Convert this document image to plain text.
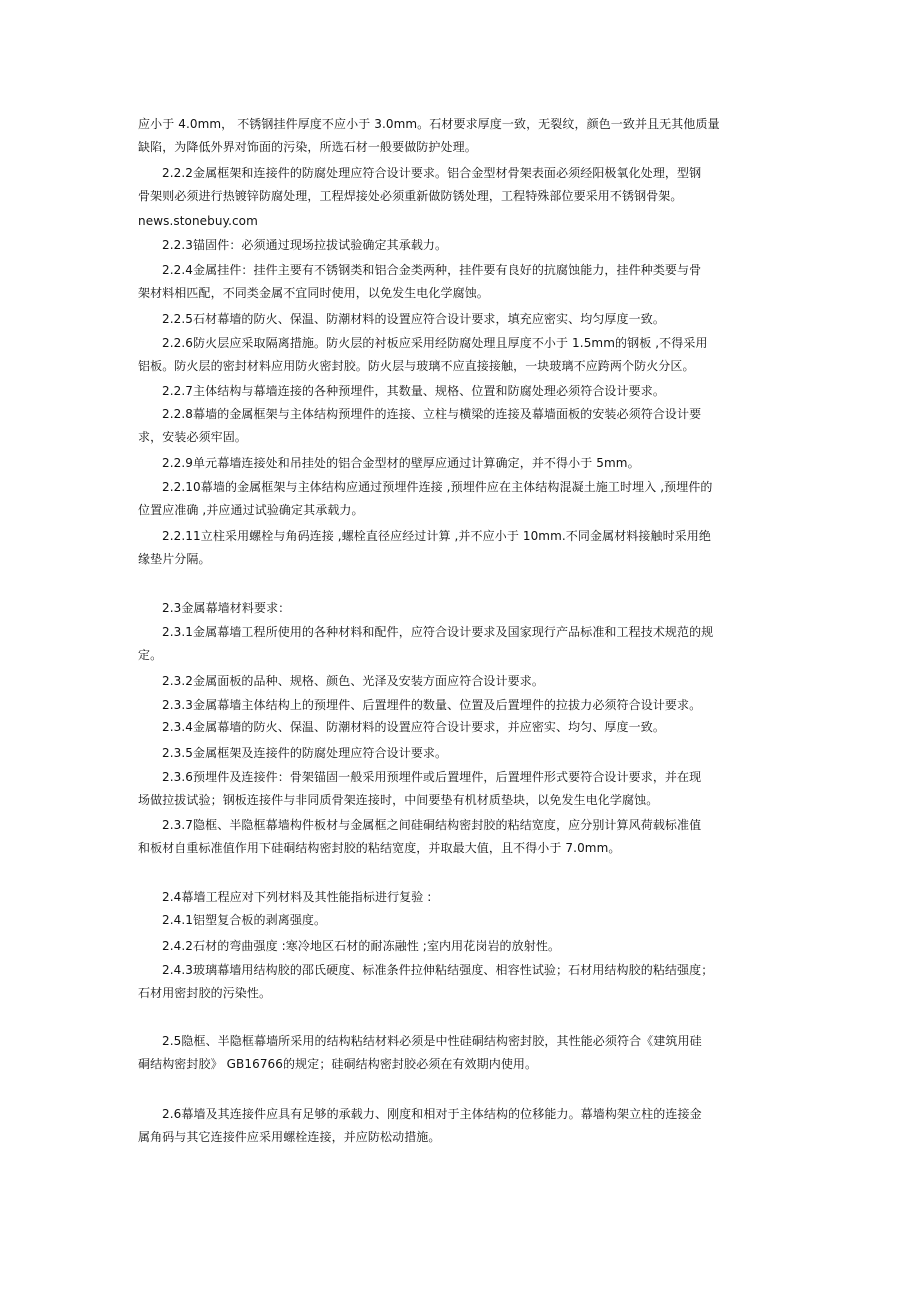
应小于 4.0mm， 不锈钢挂件厚度不应小于 3.0mm。石材要求厚度一致，无裂纹，颜色一致并且无其他质量
缺陷，为降低外界对饰面的污染，所选石材一般要做防护处理。

2.2.2金属框架和连接件的防腐处理应符合设计要求。铝合金型材骨架表面必须经阳极氧化处理，型钢
骨架则必须进行热镀锌防腐处理，工程焊接处必须重新做防锈处理，工程特殊部位要采用不锈钢骨架。

news.stonebuy.com

2.2.3锚固件：必须通过现场拉拔试验确定其承载力。

2.2.4金属挂件：挂件主要有不锈钢类和铝合金类两种，挂件要有良好的抗腐蚀能力，挂件种类要与骨
架材料相匹配，不同类金属不宜同时使用，以免发生电化学腐蚀。

2.2.5石材幕墙的防火、保温、防潮材料的设置应符合设计要求，填充应密实、均匀厚度一致。

2.2.6防火层应采取隔离措施。防火层的衬板应采用经防腐处理且厚度不小于 1.5mm的钢板 ,不得采用
铝板。防火层的密封材料应用防火密封胶。防火层与玻璃不应直接接触，一块玻璃不应跨两个防火分区。

2.2.7主体结构与幕墙连接的各种预埋件，其数量、规格、位置和防腐处理必须符合设计要求。

2.2.8幕墙的金属框架与主体结构预埋件的连接、立柱与横梁的连接及幕墙面板的安装必须符合设计要
求，安装必须牢固。

2.2.9单元幕墙连接处和吊挂处的铝合金型材的壁厚应通过计算确定，并不得小于 5mm。

2.2.10幕墙的金属框架与主体结构应通过预埋件连接 ,预埋件应在主体结构混凝土施工时埋入 ,预埋件的
位置应准确 ,并应通过试验确定其承载力。

2.2.11立柱采用螺栓与角码连接 ,螺栓直径应经过计算 ,并不应小于 10mm.不同金属材料接触时采用绝
缘垫片分隔。

2.3金属幕墙材料要求：

2.3.1金属幕墙工程所使用的各种材料和配件，应符合设计要求及国家现行产品标准和工程技术规范的规
定。

2.3.2金属面板的品种、规格、颜色、光泽及安装方面应符合设计要求。

2.3.3金属幕墙主体结构上的预埋件、后置埋件的数量、位置及后置埋件的拉拔力必须符合设计要求。

2.3.4金属幕墙的防火、保温、防潮材料的设置应符合设计要求，并应密实、均匀、厚度一致。

2.3.5金属框架及连接件的防腐处理应符合设计要求。

2.3.6预埋件及连接件：骨架锚固一般采用预埋件或后置埋件，后置埋件形式要符合设计要求，并在现
场做拉拔试验；钢板连接件与非同质骨架连接时，中间要垫有机材质垫块，以免发生电化学腐蚀。

2.3.7隐框、半隐框幕墙构件板材与金属框之间硅硐结构密封胶的粘结宽度，应分别计算风荷载标准值
和板材自重标准值作用下硅硐结构密封胶的粘结宽度，并取最大值，且不得小于 7.0mm。

2.4幕墙工程应对下列材料及其性能指标进行复验 :

2.4.1铝塑复合板的剥离强度。

2.4.2石材的弯曲强度 :寒冷地区石材的耐冻融性 ;室内用花岗岩的放射性。

2.4.3玻璃幕墙用结构胶的邵氏硬度、标准条件拉伸粘结强度、相容性试验；石材用结构胶的粘结强度；
石材用密封胶的污染性。

2.5隐框、半隐框幕墙所采用的结构粘结材料必须是中性硅硐结构密封胶，其性能必须符合《建筑用硅
硐结构密封胶》 GB16766的规定；硅硐结构密封胶必须在有效期内使用。

2.6幕墙及其连接件应具有足够的承载力、刚度和相对于主体结构的位移能力。幕墙构架立柱的连接金
属角码与其它连接件应采用螺栓连接，并应防松动措施。
